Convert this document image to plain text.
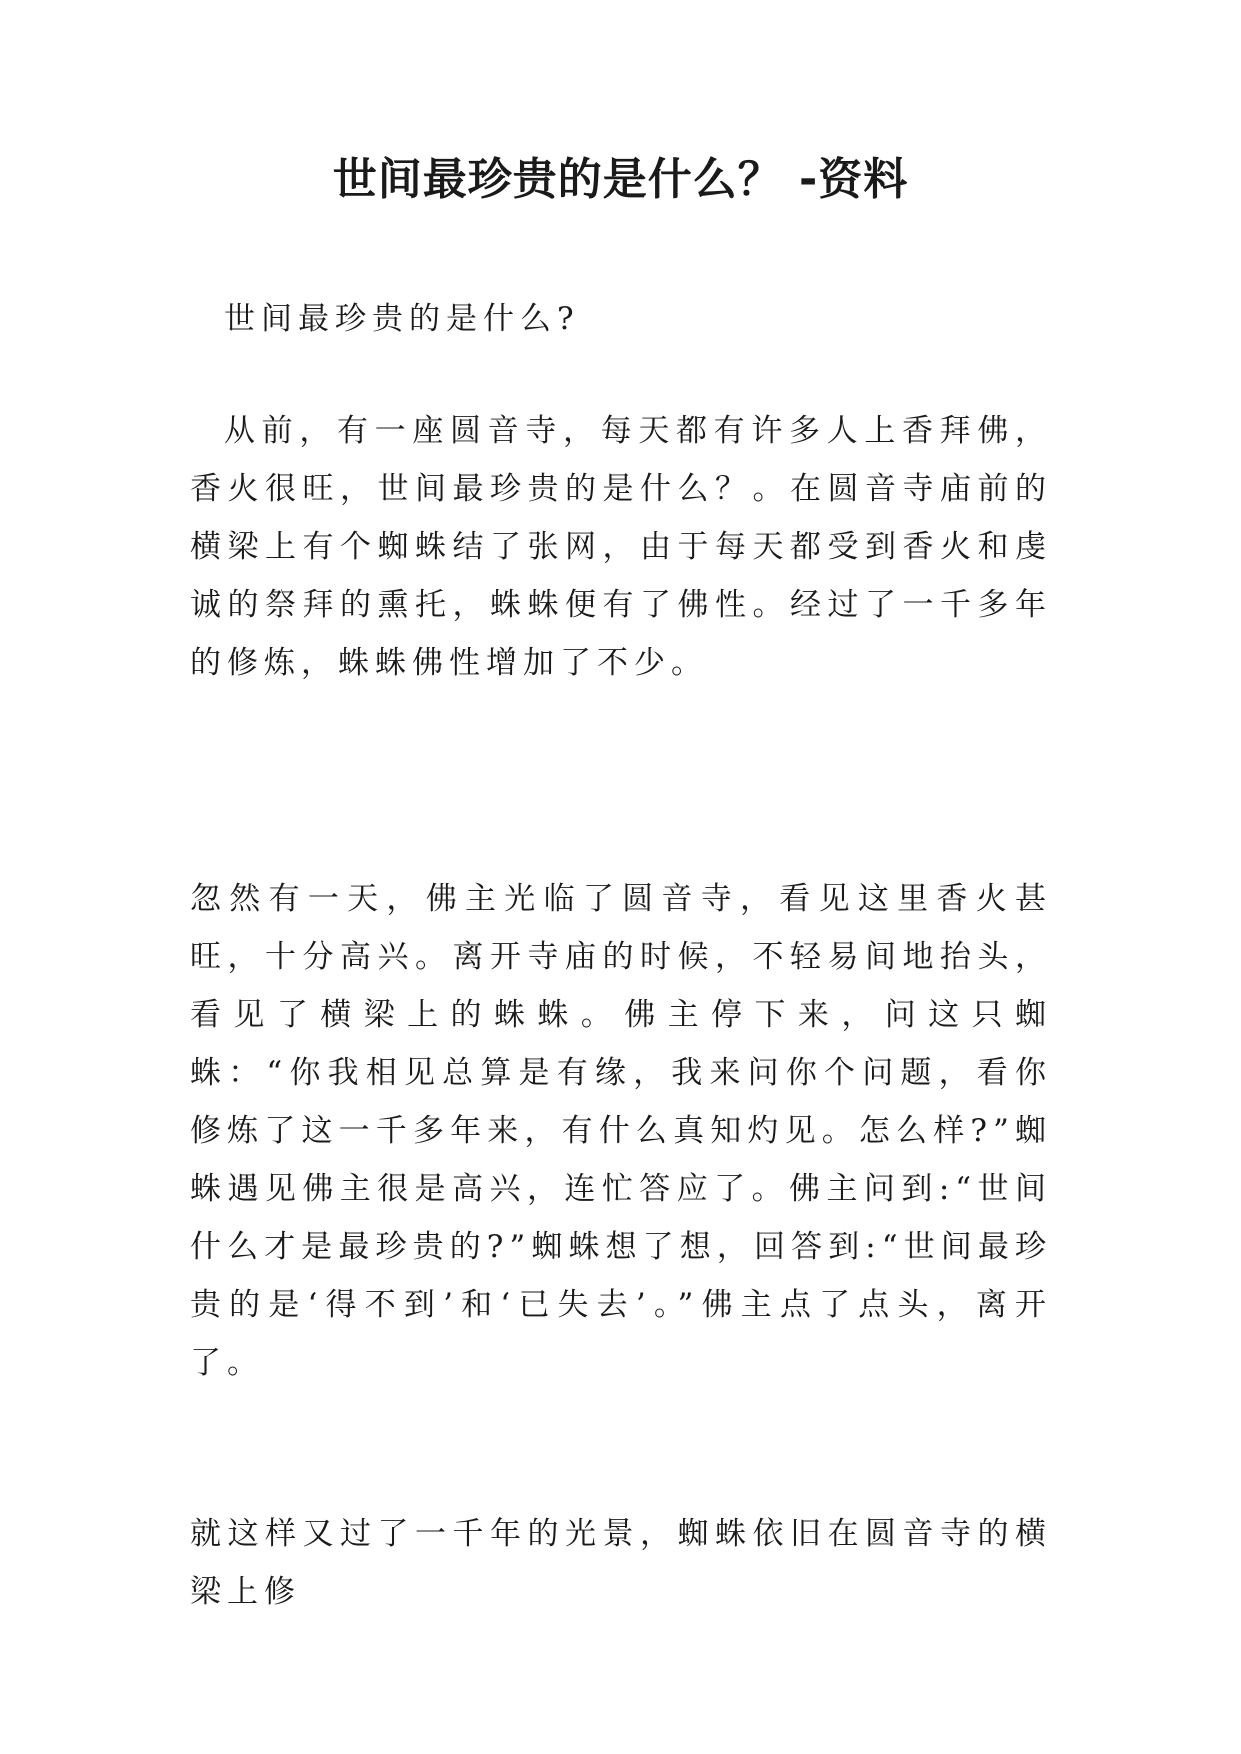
世间最珍贵的是什么？ -资料

世间最珍贵的是什么?

从前，有一座圆音寺，每天都有许多人上香拜佛，香火很旺，世间最珍贵的是什么？。在圆音寺庙前的横梁上有个蜘蛛结了张网，由于每天都受到香火和虔诚的祭拜的熏托，蛛蛛便有了佛性。经过了一千多年的修炼，蛛蛛佛性增加了不少。

忽然有一天，佛主光临了圆音寺，看见这里香火甚旺，十分高兴。离开寺庙的时候，不轻易间地抬头，看见了横梁上的蛛蛛。佛主停下来，问这只蜘蛛：“你我相见总算是有缘，我来问你个问题，看你修炼了这一千多年来，有什么真知灼见。怎么样?”蜘蛛遇见佛主很是高兴，连忙答应了。佛主问到:“世间什么才是最珍贵的?”蜘蛛想了想，回答到:“世间最珍贵的是‘得不到’和‘已失去’。”佛主点了点头，离开了。

就这样又过了一千年的光景，蜘蛛依旧在圆音寺的横梁上修
